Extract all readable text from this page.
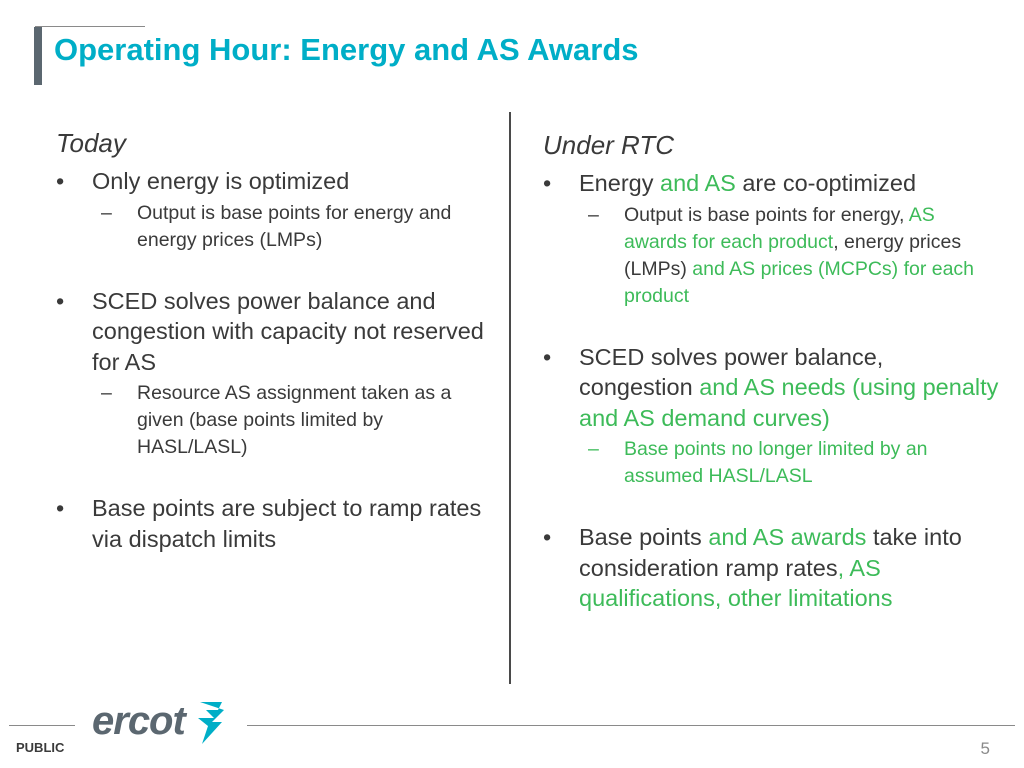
Operating Hour: Energy and AS Awards
Today
• Only energy is optimized
– Output is base points for energy and energy prices (LMPs)
• SCED solves power balance and congestion with capacity not reserved for AS
– Resource AS assignment taken as a given (base points limited by HASL/LASL)
• Base points are subject to ramp rates via dispatch limits
Under RTC
• Energy and AS are co-optimized
– Output is base points for energy, AS awards for each product, energy prices (LMPs) and AS prices (MCPCs) for each product
• SCED solves power balance, congestion and AS needs (using penalty and AS demand curves)
– Base points no longer limited by an assumed HASL/LASL
• Base points and AS awards take into consideration ramp rates, AS qualifications, other limitations
PUBLIC	5
ercot
